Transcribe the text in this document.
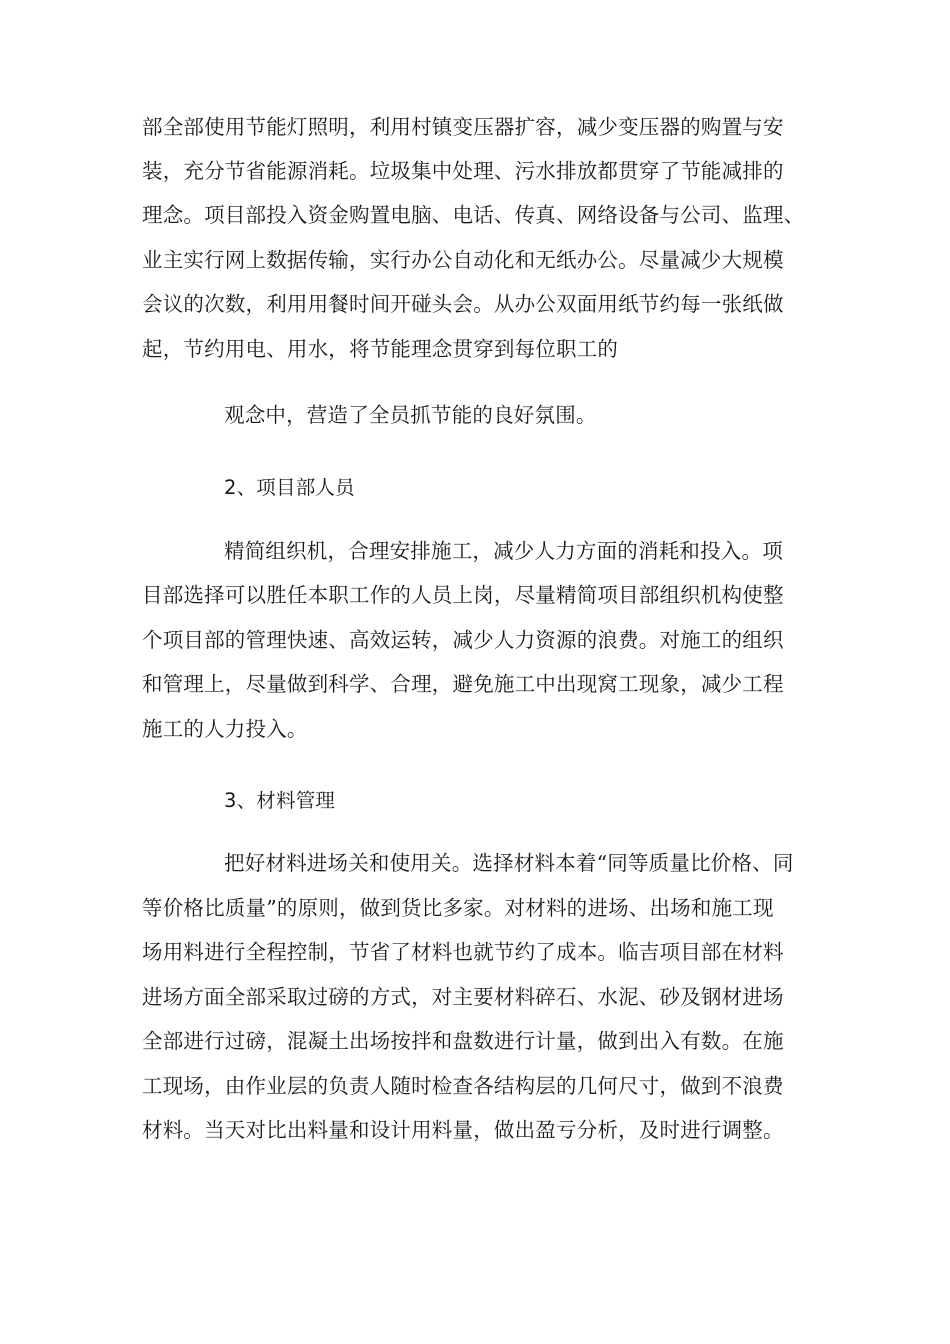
部全部使用节能灯照明，利用村镇变压器扩容，减少变压器的购置与安
装，充分节省能源消耗。垃圾集中处理、污水排放都贯穿了节能减排的
理念。项目部投入资金购置电脑、电话、传真、网络设备与公司、监理、
业主实行网上数据传输，实行办公自动化和无纸办公。尽量减少大规模
会议的次数，利用用餐时间开碰头会。从办公双面用纸节约每一张纸做
起，节约用电、用水，将节能理念贯穿到每位职工的
观念中，营造了全员抓节能的良好氛围。
2、项目部人员
精简组织机，合理安排施工，减少人力方面的消耗和投入。项
目部选择可以胜任本职工作的人员上岗，尽量精简项目部组织机构使整
个项目部的管理快速、高效运转，减少人力资源的浪费。对施工的组织
和管理上，尽量做到科学、合理，避免施工中出现窝工现象，减少工程
施工的人力投入。
3、材料管理
把好材料进场关和使用关。选择材料本着“同等质量比价格、同
等价格比质量”的原则，做到货比多家。对材料的进场、出场和施工现
场用料进行全程控制，节省了材料也就节约了成本。临吉项目部在材料
进场方面全部采取过磅的方式，对主要材料碎石、水泥、砂及钢材进场
全部进行过磅，混凝土出场按拌和盘数进行计量，做到出入有数。在施
工现场，由作业层的负责人随时检查各结构层的几何尺寸，做到不浪费
材料。当天对比出料量和设计用料量，做出盈亏分析，及时进行调整。
